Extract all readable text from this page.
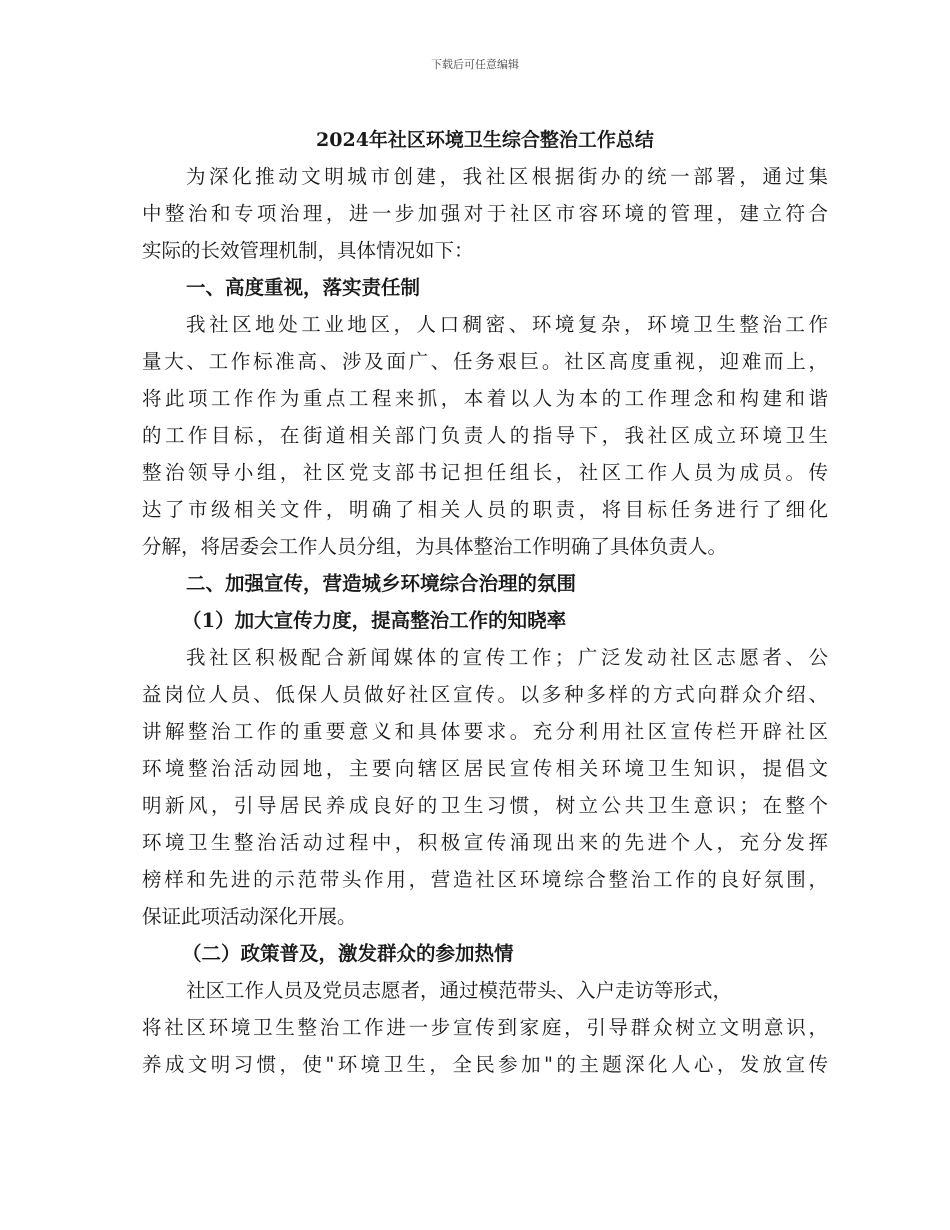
下载后可任意编辑
2024年社区环境卫生综合整治工作总结
为深化推动文明城市创建，我社区根据街办的统一部署，通过集
中整治和专项治理，进一步加强对于社区市容环境的管理，建立符合
实际的长效管理机制，具体情况如下：
一、高度重视，落实责任制
我社区地处工业地区，人口稠密、环境复杂，环境卫生整治工作
量大、工作标准高、涉及面广、任务艰巨。社区高度重视，迎难而上，
将此项工作作为重点工程来抓，本着以人为本的工作理念和构建和谐
的工作目标，在街道相关部门负责人的指导下，我社区成立环境卫生
整治领导小组，社区党支部书记担任组长，社区工作人员为成员。传
达了市级相关文件，明确了相关人员的职责，将目标任务进行了细化
分解，将居委会工作人员分组，为具体整治工作明确了具体负责人。
二、加强宣传，营造城乡环境综合治理的氛围
（1）加大宣传力度，提高整治工作的知晓率
我社区积极配合新闻媒体的宣传工作；广泛发动社区志愿者、公
益岗位人员、低保人员做好社区宣传。以多种多样的方式向群众介绍、
讲解整治工作的重要意义和具体要求。充分利用社区宣传栏开辟社区
环境整治活动园地，主要向辖区居民宣传相关环境卫生知识，提倡文
明新风，引导居民养成良好的卫生习惯，树立公共卫生意识；在整个
环境卫生整治活动过程中，积极宣传涌现出来的先进个人，充分发挥
榜样和先进的示范带头作用，营造社区环境综合整治工作的良好氛围，
保证此项活动深化开展。
（二）政策普及，激发群众的参加热情
社区工作人员及党员志愿者，通过模范带头、入户走访等形式，
将社区环境卫生整治工作进一步宣传到家庭，引导群众树立文明意识，
养成文明习惯，使"环境卫生，全民参加"的主题深化人心，发放宣传
